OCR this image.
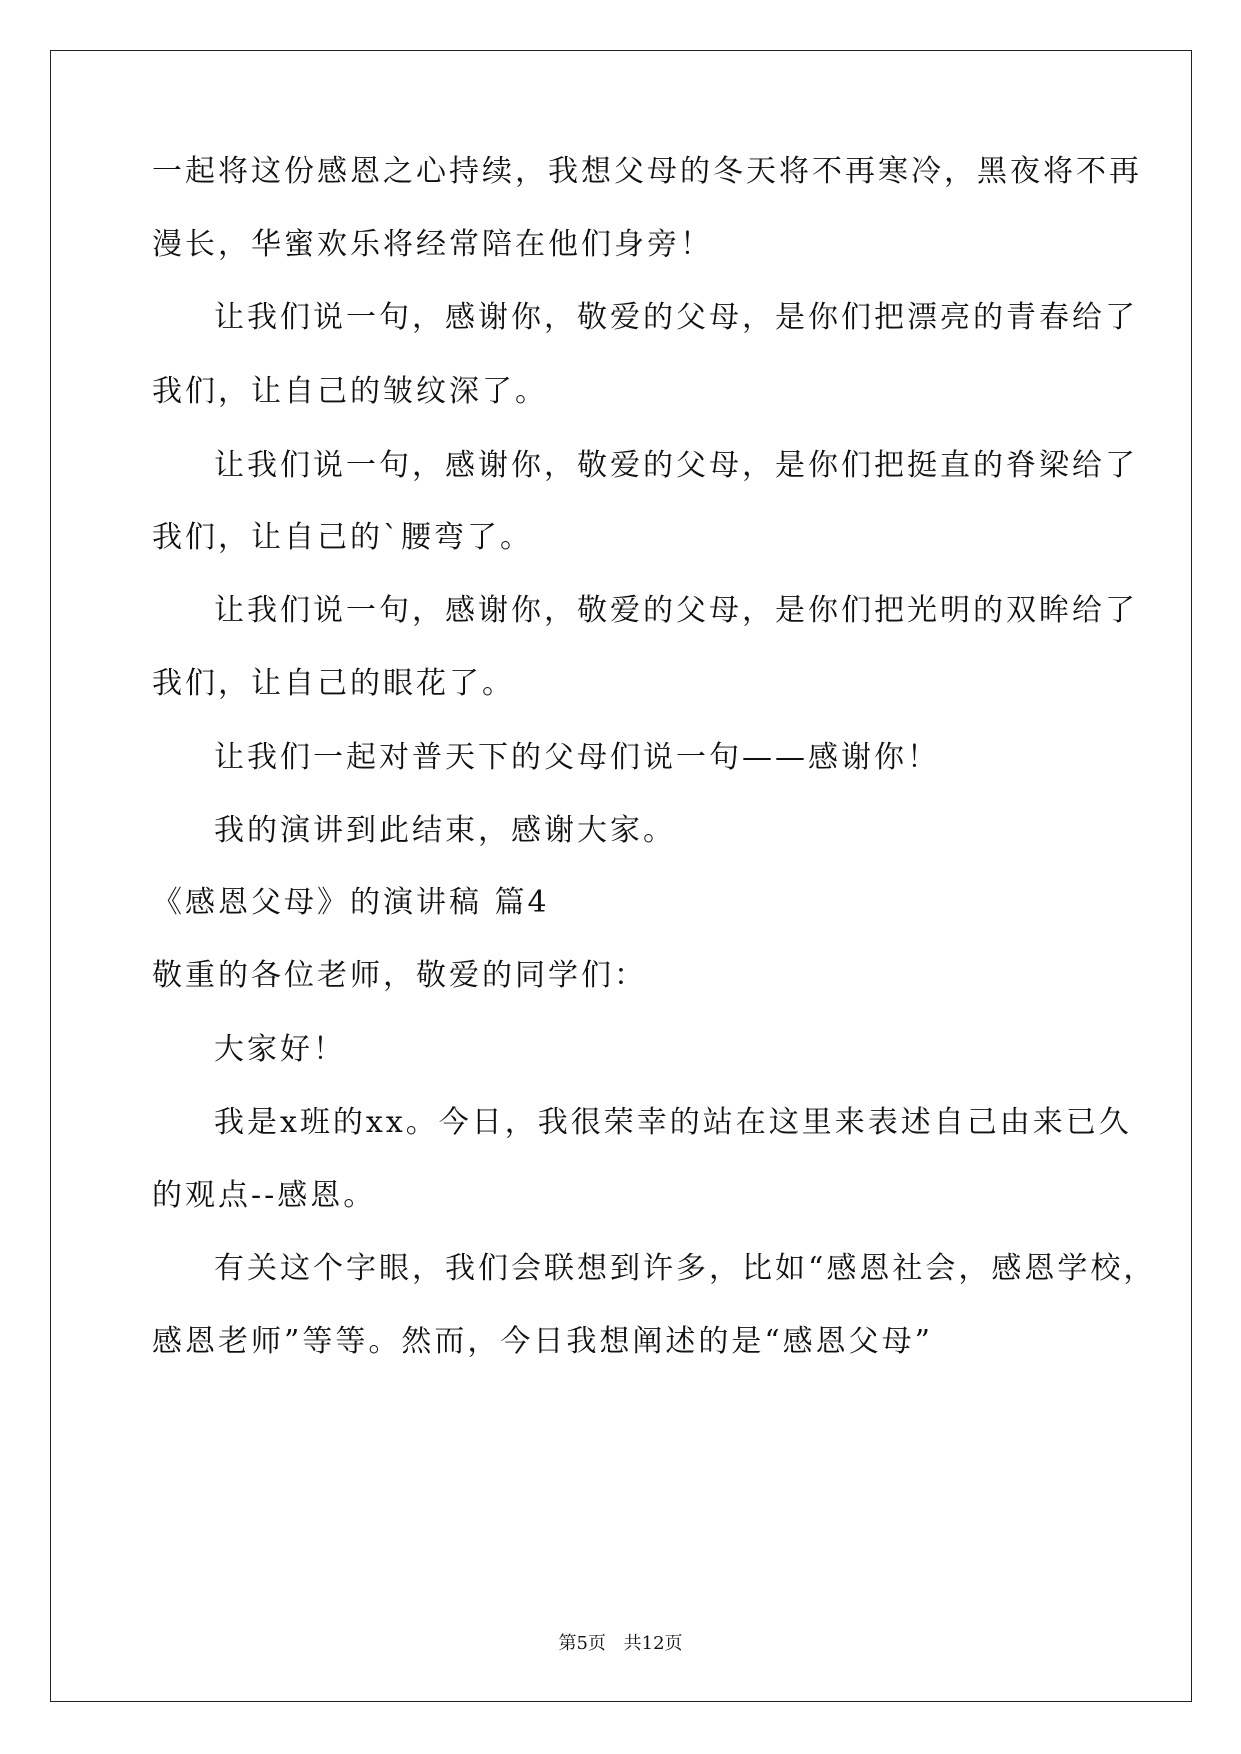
一起将这份感恩之心持续，我想父母的冬天将不再寒冷，黑夜将不再
漫长，华蜜欢乐将经常陪在他们身旁！
让我们说一句，感谢你，敬爱的父母，是你们把漂亮的青春给了
我们，让自己的皱纹深了。
让我们说一句，感谢你，敬爱的父母，是你们把挺直的脊梁给了
我们，让自己的`腰弯了。
让我们说一句，感谢你，敬爱的父母，是你们把光明的双眸给了
我们，让自己的眼花了。
让我们一起对普天下的父母们说一句——感谢你！
我的演讲到此结束，感谢大家。
《感恩父母》的演讲稿 篇4
敬重的各位老师，敬爱的同学们：
大家好！
我是x班的xx。今日，我很荣幸的站在这里来表述自己由来已久
的观点--感恩。
有关这个字眼，我们会联想到许多，比如“感恩社会，感恩学校，
感恩老师”等等。然而，今日我想阐述的是“感恩父母”
第5页 共12页
